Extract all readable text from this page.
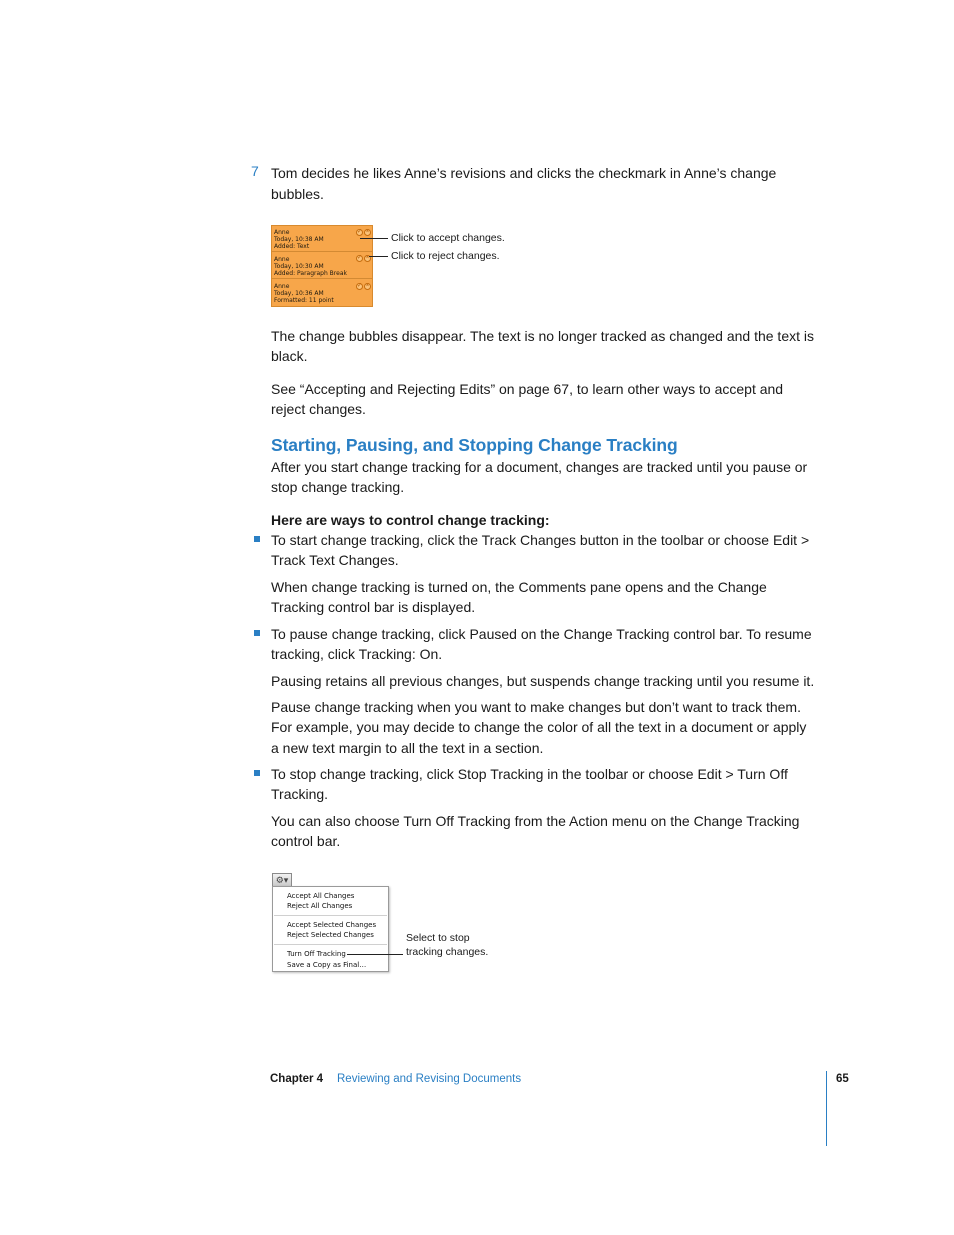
7 Tom decides he likes Anne’s revisions and clicks the checkmark in Anne’s change
bubbles.
Anne
Today, 10:38 AM
Added: Text
✓ ×
Anne
Today, 10:30 AM
Added: Paragraph Break
✓ ×
Anne
Today, 10:36 AM
Formatted: 11 point
✓ ×
Click to accept changes.
Click to reject changes.
The change bubbles disappear. The text is no longer tracked as changed and the text is
black.
See “Accepting and Rejecting Edits” on page 67, to learn other ways to accept and
reject changes.
Starting, Pausing, and Stopping Change Tracking
After you start change tracking for a document, changes are tracked until you pause or
stop change tracking.
Here are ways to control change tracking:
To start change tracking, click the Track Changes button in the toolbar or choose Edit >
Track Text Changes.
When change tracking is turned on, the Comments pane opens and the Change
Tracking control bar is displayed.
To pause change tracking, click Paused on the Change Tracking control bar. To resume
tracking, click Tracking: On.
Pausing retains all previous changes, but suspends change tracking until you resume it.
Pause change tracking when you want to make changes but don’t want to track them.
For example, you may decide to change the color of all the text in a document or apply
a new text margin to all the text in a section.
To stop change tracking, click Stop Tracking in the toolbar or choose Edit > Turn Off
Tracking.
You can also choose Turn Off Tracking from the Action menu on the Change Tracking
control bar.
⚙▾
Accept All Changes
Reject All Changes
Accept Selected Changes
Reject Selected Changes
Turn Off Tracking
Save a Copy as Final…
Select to stop
tracking changes.
Chapter 4 Reviewing and Revising Documents	65
